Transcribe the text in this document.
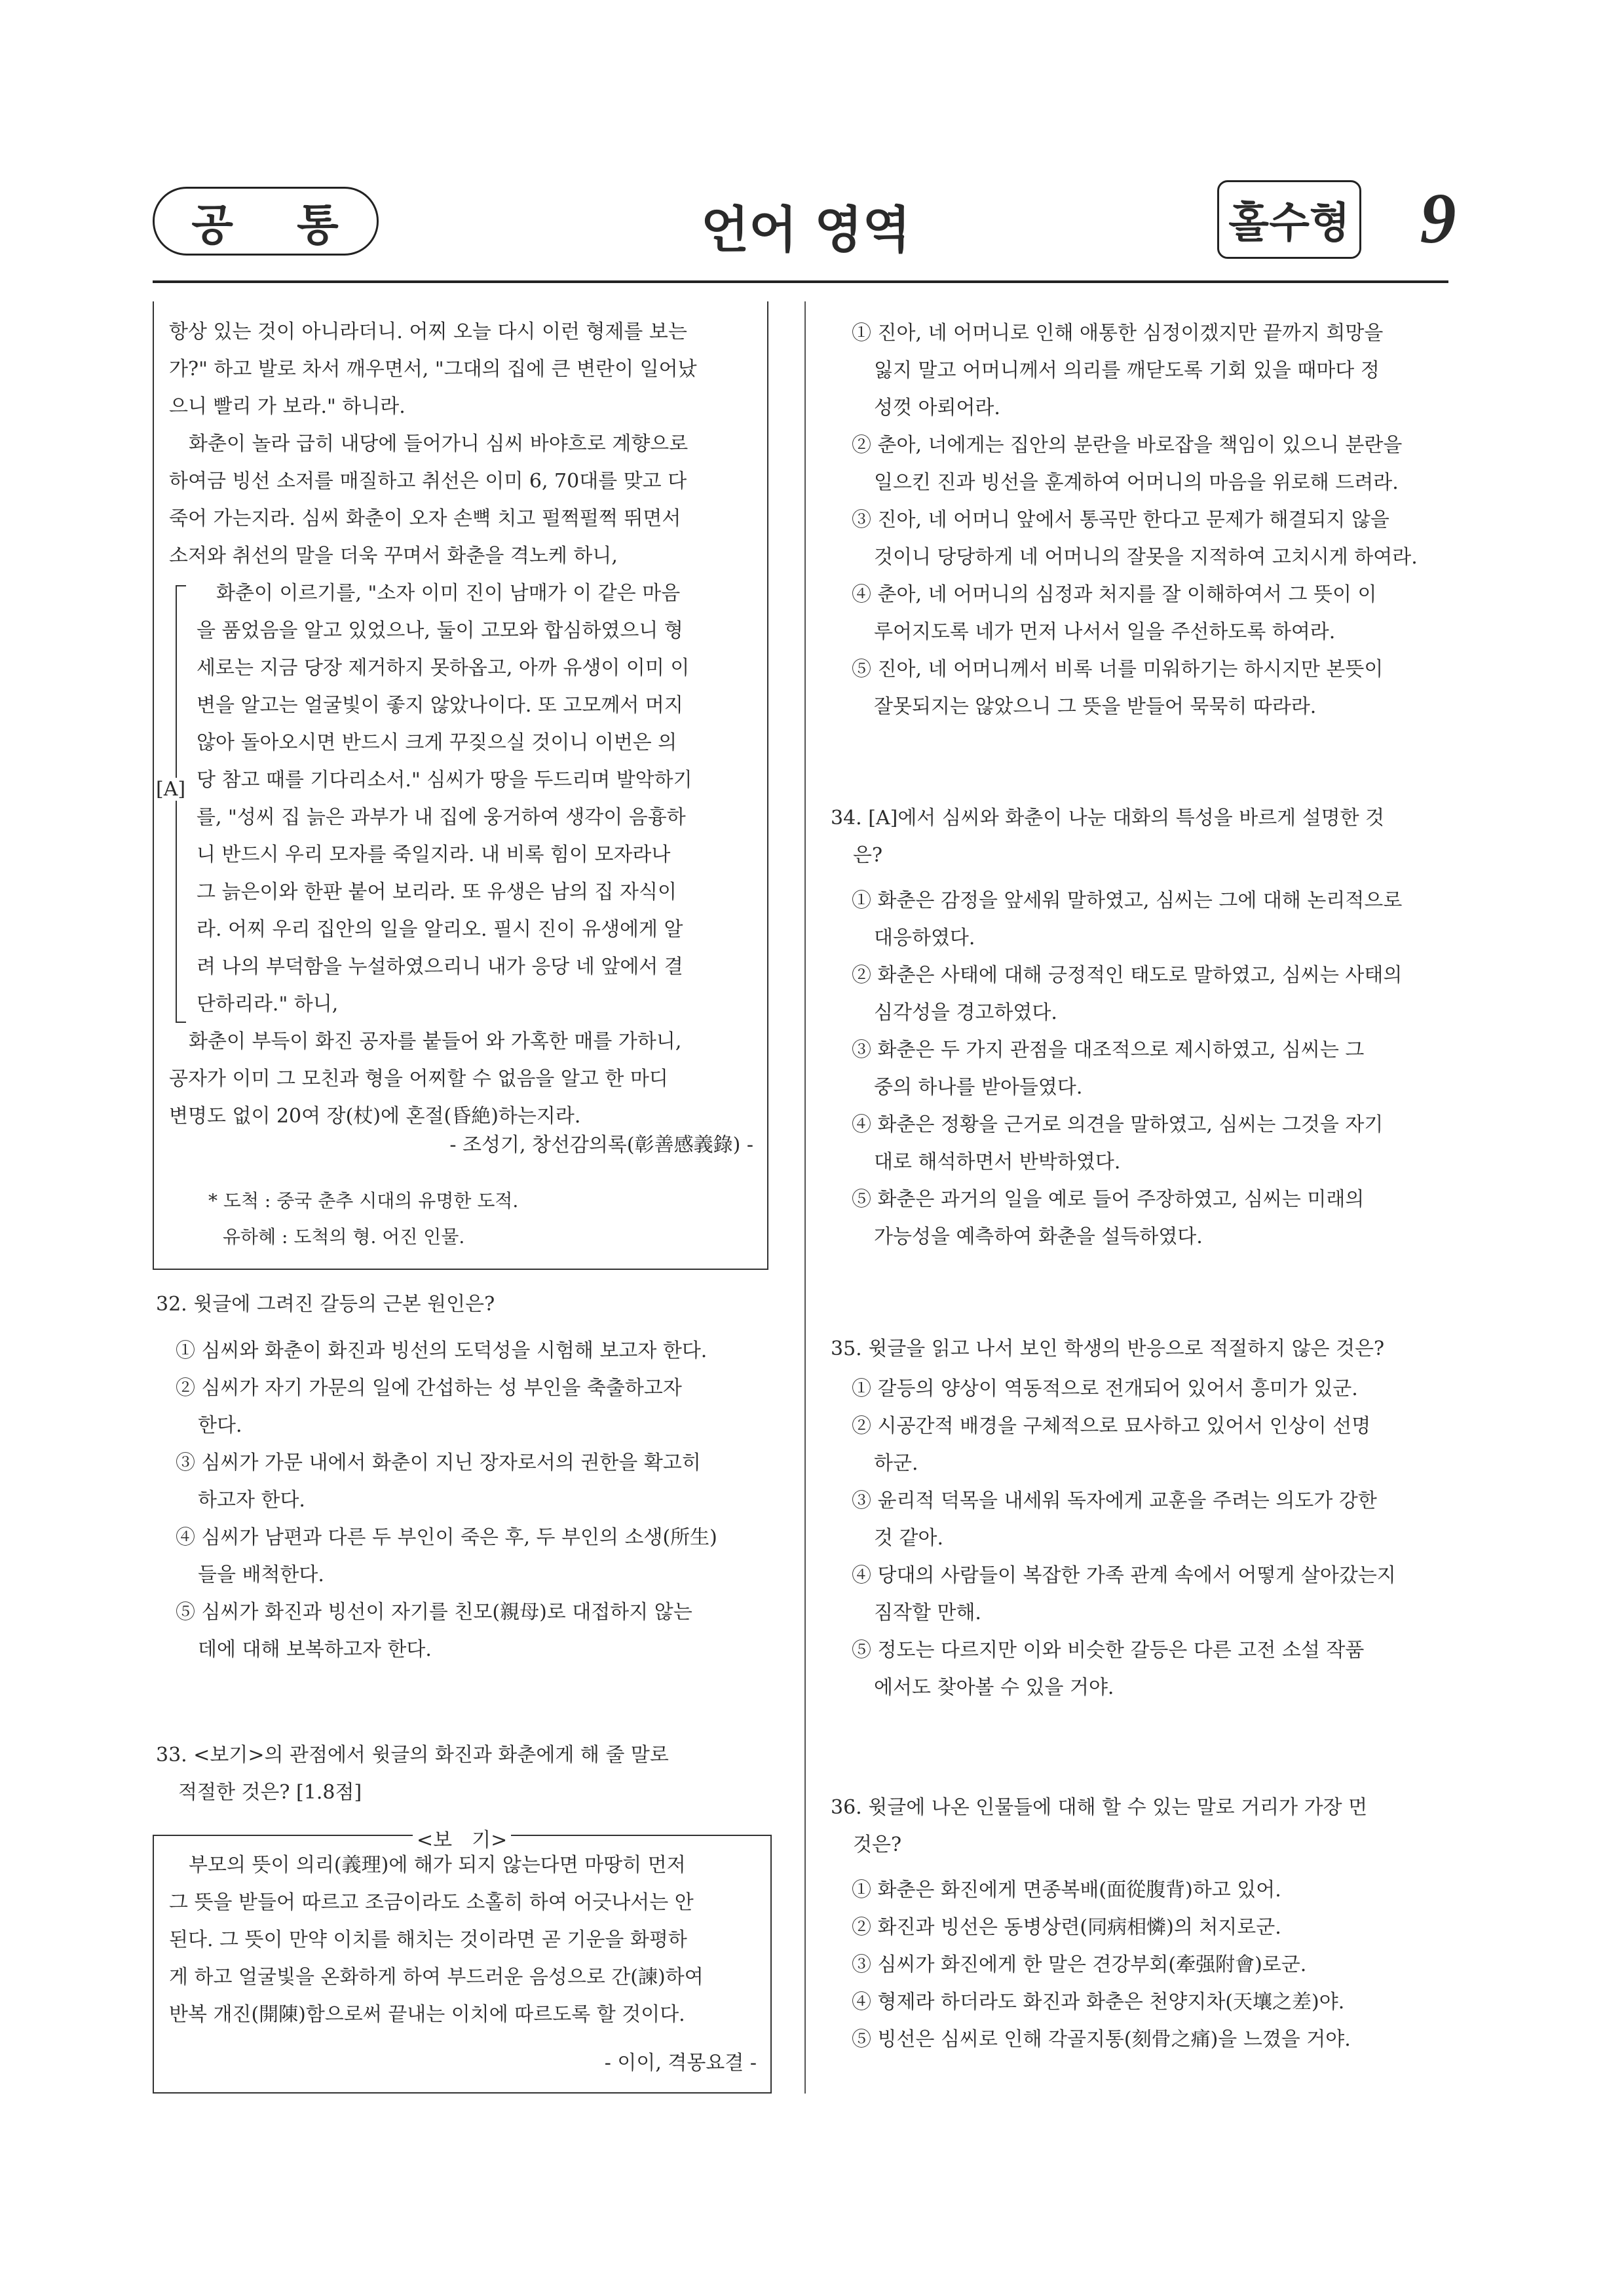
공 통	언어 영역	홀수형 9
항상 있는 것이 아니라더니. 어찌 오늘 다시 이런 형제를 보는
가?" 하고 발로 차서 깨우면서, "그대의 집에 큰 변란이 일어났
으니 빨리 가 보라." 하니라.
　화춘이 놀라 급히 내당에 들어가니 심씨 바야흐로 계향으로
하여금 빙선 소저를 매질하고 취선은 이미 6, 70대를 맞고 다
죽어 가는지라. 심씨 화춘이 오자 손뼉 치고 펄쩍펄쩍 뛰면서
소저와 취선의 말을 더욱 꾸며서 화춘을 격노케 하니,
[A]
　화춘이 이르기를, "소자 이미 진이 남매가 이 같은 마음
을 품었음을 알고 있었으나, 둘이 고모와 합심하였으니 형
세로는 지금 당장 제거하지 못하옵고, 아까 유생이 이미 이
변을 알고는 얼굴빛이 좋지 않았나이다. 또 고모께서 머지
않아 돌아오시면 반드시 크게 꾸짖으실 것이니 이번은 의
당 참고 때를 기다리소서." 심씨가 땅을 두드리며 발악하기
를, "성씨 집 늙은 과부가 내 집에 웅거하여 생각이 음흉하
니 반드시 우리 모자를 죽일지라. 내 비록 힘이 모자라나
그 늙은이와 한판 붙어 보리라. 또 유생은 남의 집 자식이
라. 어찌 우리 집안의 일을 알리오. 필시 진이 유생에게 알
려 나의 부덕함을 누설하였으리니 내가 응당 네 앞에서 결
단하리라." 하니,
　화춘이 부득이 화진 공자를 붙들어 와 가혹한 매를 가하니,
공자가 이미 그 모친과 형을 어찌할 수 없음을 알고 한 마디
변명도 없이 20여 장(杖)에 혼절(昏絶)하는지라.
- 조성기, 창선감의록(彰善感義錄) -
* 도척 : 중국 춘추 시대의 유명한 도적.
유하혜 : 도척의 형. 어진 인물.
32. 윗글에 그려진 갈등의 근본 원인은?
① 심씨와 화춘이 화진과 빙선의 도덕성을 시험해 보고자 한다.
② 심씨가 자기 가문의 일에 간섭하는 성 부인을 축출하고자
한다.
③ 심씨가 가문 내에서 화춘이 지닌 장자로서의 권한을 확고히
하고자 한다.
④ 심씨가 남편과 다른 두 부인이 죽은 후, 두 부인의 소생(所生)
들을 배척한다.
⑤ 심씨가 화진과 빙선이 자기를 친모(親母)로 대접하지 않는
데에 대해 보복하고자 한다.
33. <보기>의 관점에서 윗글의 화진과 화춘에게 해 줄 말로
적절한 것은? [1.8점]
<보　기>
　부모의 뜻이 의리(義理)에 해가 되지 않는다면 마땅히 먼저
그 뜻을 받들어 따르고 조금이라도 소홀히 하여 어긋나서는 안
된다. 그 뜻이 만약 이치를 해치는 것이라면 곧 기운을 화평하
게 하고 얼굴빛을 온화하게 하여 부드러운 음성으로 간(諫)하여
반복 개진(開陳)함으로써 끝내는 이치에 따르도록 할 것이다.
- 이이, 격몽요결 -
① 진아, 네 어머니로 인해 애통한 심정이겠지만 끝까지 희망을
잃지 말고 어머니께서 의리를 깨닫도록 기회 있을 때마다 정
성껏 아뢰어라.
② 춘아, 너에게는 집안의 분란을 바로잡을 책임이 있으니 분란을
일으킨 진과 빙선을 훈계하여 어머니의 마음을 위로해 드려라.
③ 진아, 네 어머니 앞에서 통곡만 한다고 문제가 해결되지 않을
것이니 당당하게 네 어머니의 잘못을 지적하여 고치시게 하여라.
④ 춘아, 네 어머니의 심정과 처지를 잘 이해하여서 그 뜻이 이
루어지도록 네가 먼저 나서서 일을 주선하도록 하여라.
⑤ 진아, 네 어머니께서 비록 너를 미워하기는 하시지만 본뜻이
잘못되지는 않았으니 그 뜻을 받들어 묵묵히 따라라.
34. [A]에서 심씨와 화춘이 나눈 대화의 특성을 바르게 설명한 것
은?
① 화춘은 감정을 앞세워 말하였고, 심씨는 그에 대해 논리적으로
대응하였다.
② 화춘은 사태에 대해 긍정적인 태도로 말하였고, 심씨는 사태의
심각성을 경고하였다.
③ 화춘은 두 가지 관점을 대조적으로 제시하였고, 심씨는 그
중의 하나를 받아들였다.
④ 화춘은 정황을 근거로 의견을 말하였고, 심씨는 그것을 자기
대로 해석하면서 반박하였다.
⑤ 화춘은 과거의 일을 예로 들어 주장하였고, 심씨는 미래의
가능성을 예측하여 화춘을 설득하였다.
35. 윗글을 읽고 나서 보인 학생의 반응으로 적절하지 않은 것은?
① 갈등의 양상이 역동적으로 전개되어 있어서 흥미가 있군.
② 시공간적 배경을 구체적으로 묘사하고 있어서 인상이 선명
하군.
③ 윤리적 덕목을 내세워 독자에게 교훈을 주려는 의도가 강한
것 같아.
④ 당대의 사람들이 복잡한 가족 관계 속에서 어떻게 살아갔는지
짐작할 만해.
⑤ 정도는 다르지만 이와 비슷한 갈등은 다른 고전 소설 작품
에서도 찾아볼 수 있을 거야.
36. 윗글에 나온 인물들에 대해 할 수 있는 말로 거리가 가장 먼
것은?
① 화춘은 화진에게 면종복배(面從腹背)하고 있어.
② 화진과 빙선은 동병상련(同病相憐)의 처지로군.
③ 심씨가 화진에게 한 말은 견강부회(牽强附會)로군.
④ 형제라 하더라도 화진과 화춘은 천양지차(天壤之差)야.
⑤ 빙선은 심씨로 인해 각골지통(刻骨之痛)을 느꼈을 거야.
